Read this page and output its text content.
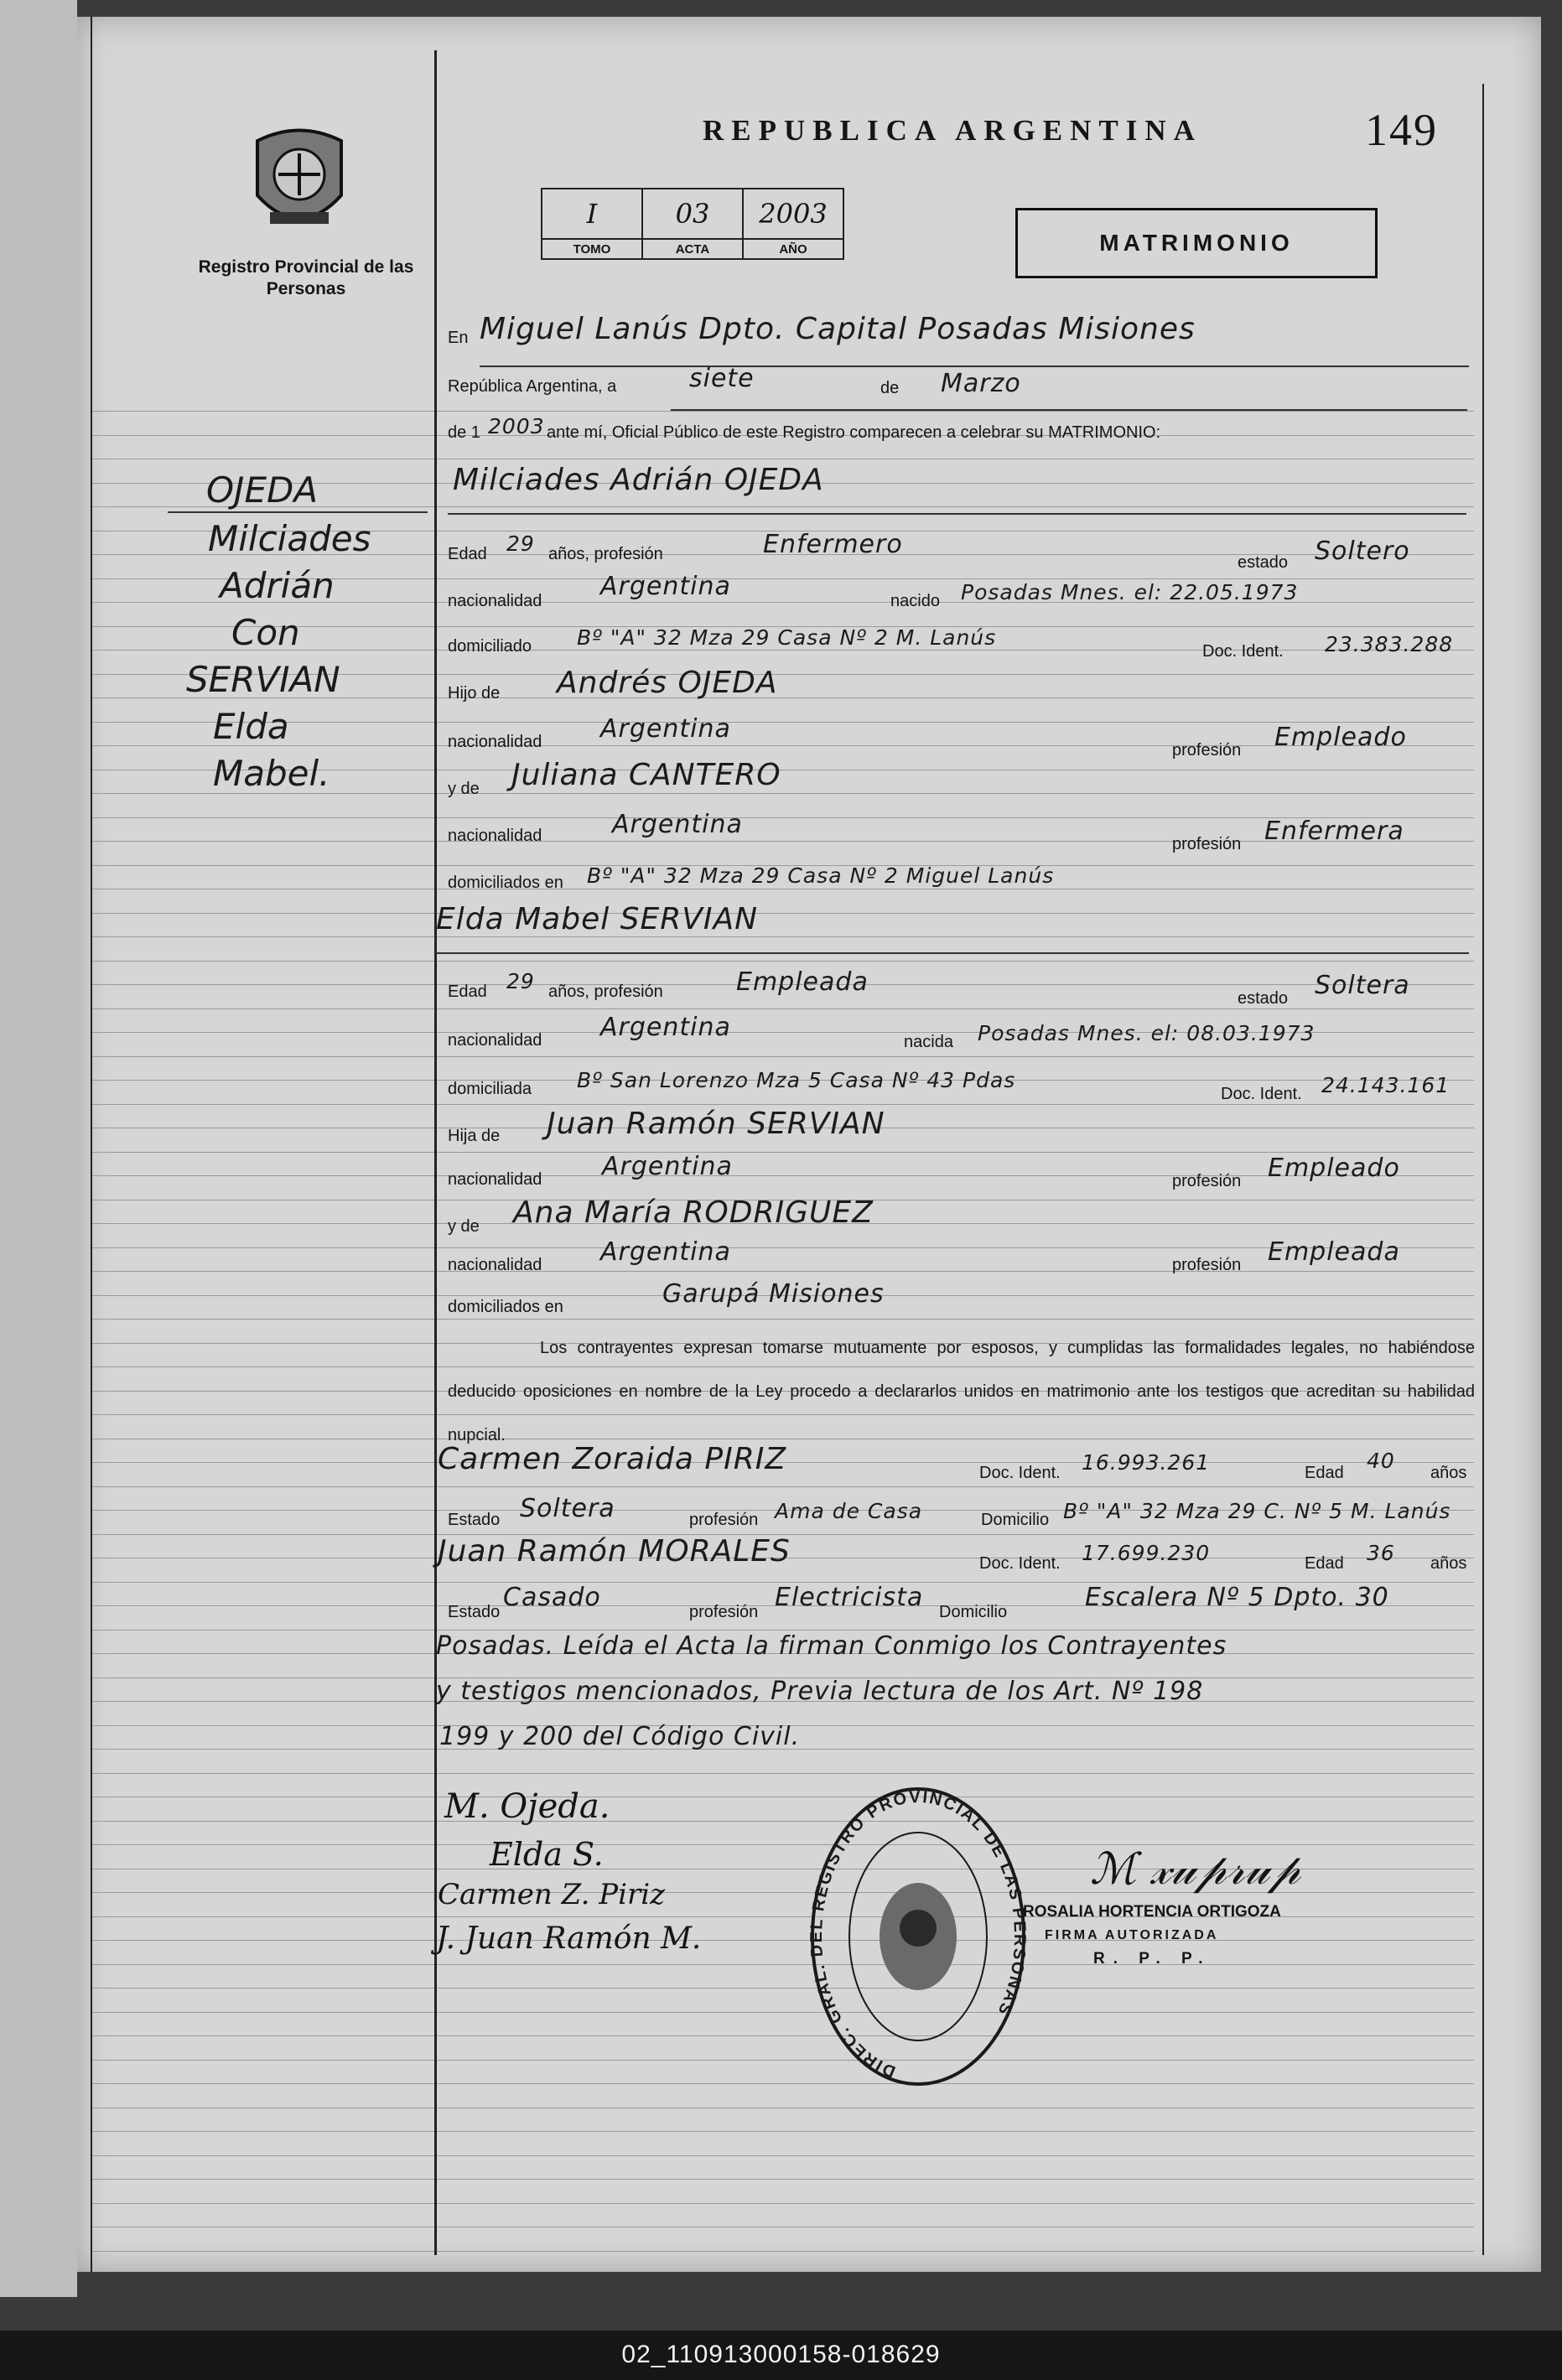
Registro Provincial de las Personas
REPUBLICA ARGENTINA	149
I	03	2003
TOMO	ACTA	AÑO	MATRIMONIO
En Miguel Lanús Dpto. Capital Posadas Misiones
República Argentina, a	siete	de Marzo
de 1 2003 ante mí, Oficial Público de este Registro comparecen a celebrar su MATRIMONIO:
OJEDA
Milciades
Adrián
Con
SERVIAN
Elda
Mabel.
Milciades Adrián OJEDA
Edad 29 años, profesión	Enfermero
estado Soltero
nacionalidad Argentina	nacido Posadas Mnes. el: 22.05.1973
domiciliado Bº "A" 32 Mza 29 Casa Nº 2 M. Lanús
Doc. Ident. 23.383.288
Hijo de Andrés OJEDA
nacionalidad Argentina
profesión Empleado
y de Juliana CANTERO
nacionalidad	Argentina
profesión Enfermera
domiciliados en Bº "A" 32 Mza 29 Casa Nº 2 Miguel Lanús
Elda Mabel SERVIAN
Edad 29 años, profesión	Empleada
estado Soltera
nacionalidad Argentina	nacida Posadas Mnes. el: 08.03.1973
domiciliada Bº San Lorenzo Mza 5 Casa Nº 43 Pdas
Doc. Ident. 24.143.161
Hija de Juan Ramón SERVIAN
nacionalidad Argentina	profesión Empleado
y de Ana María RODRIGUEZ
nacionalidad Argentina	profesión Empleada
domiciliados en	Garupá Misiones
Los contrayentes expresan tomarse mutuamente por esposos, y cumplidas las formalidades legales, no habiéndose deducido oposiciones en nombre de la Ley procedo a declararlos unidos en matrimonio ante los testigos que acreditan su habilidad nupcial.
Carmen Zoraida PIRIZ	Doc. Ident. 16.993.261	Edad 40 años
Estado Soltera	profesión Ama de Casa	Domicilio Bº "A" 32 Mza 29 C. Nº 5 M. Lanús
Juan Ramón MORALES	Doc. Ident. 17.699.230	Edad 36 años
Estado Casado	profesión Electricista Domicilio	Escalera Nº 5 Dpto. 30
Posadas. Leída el Acta la firman Conmigo los Contrayentes
y testigos mencionados, Previa lectura de los Art. Nº 198
199 y 200 del Código Civil.
M. Ojeda.
Elda S.
Carmen Z. Piriz
J. Juan Ramón M.
DIREC. GRAL. DEL REGISTRO PROVINCIAL DE LAS PERSONAS
ℳ 𝓍𝓊𝓅𝓇𝓊𝓅
ROSALIA HORTENCIA ORTIGOZA
FIRMA AUTORIZADA
R. P. P.
02_110913000158-018629
